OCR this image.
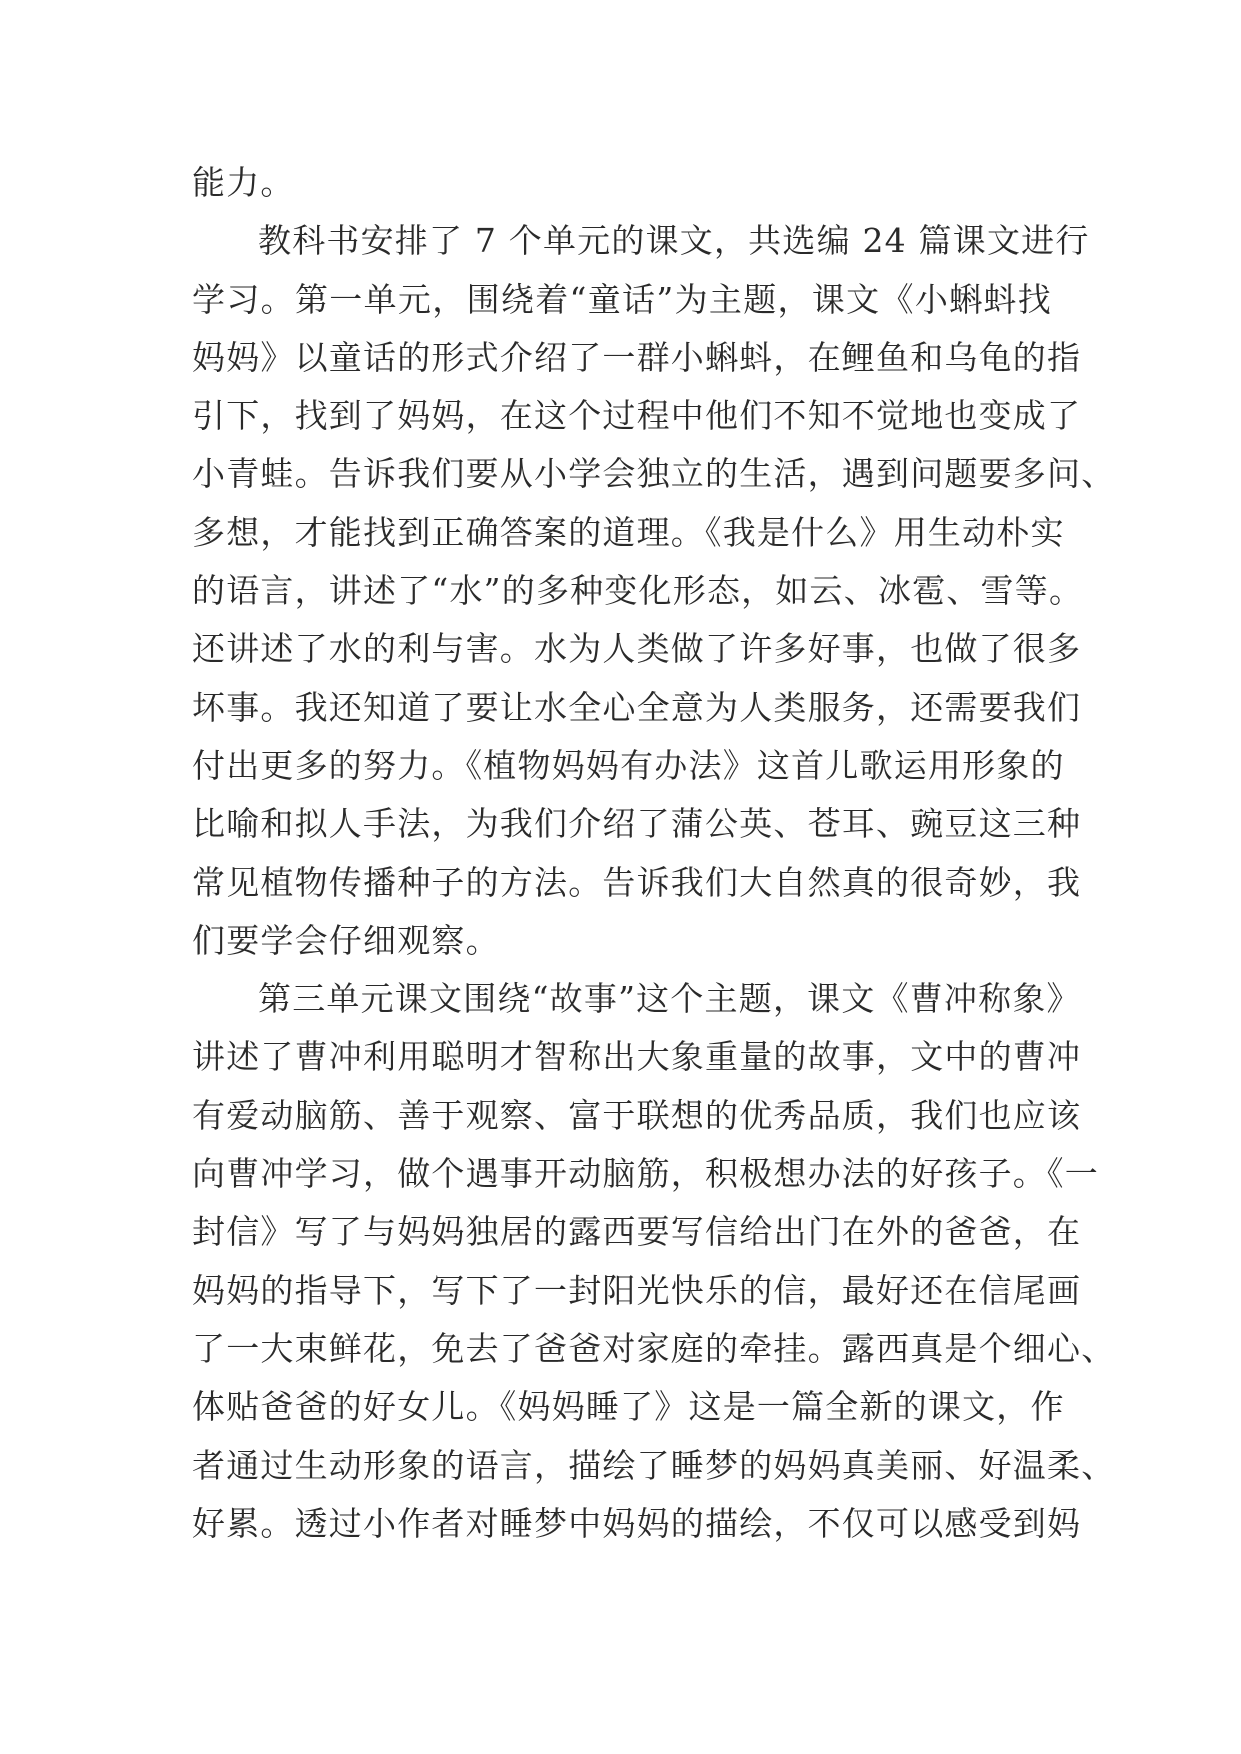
能力。
教科书安排了 7 个单元的课文，共选编 24 篇课文进行
学习。第一单元，围绕着“童话”为主题，课文《小蝌蚪找
妈妈》以童话的形式介绍了一群小蝌蚪，在鲤鱼和乌龟的指
引下，找到了妈妈，在这个过程中他们不知不觉地也变成了
小青蛙。告诉我们要从小学会独立的生活，遇到问题要多问、
多想，才能找到正确答案的道理。《我是什么》用生动朴实
的语言，讲述了“水”的多种变化形态，如云、冰雹、雪等。
还讲述了水的利与害。水为人类做了许多好事，也做了很多
坏事。我还知道了要让水全心全意为人类服务，还需要我们
付出更多的努力。《植物妈妈有办法》这首儿歌运用形象的
比喻和拟人手法，为我们介绍了蒲公英、苍耳、豌豆这三种
常见植物传播种子的方法。告诉我们大自然真的很奇妙，我
们要学会仔细观察。
第三单元课文围绕“故事”这个主题，课文《曹冲称象》
讲述了曹冲利用聪明才智称出大象重量的故事，文中的曹冲
有爱动脑筋、善于观察、富于联想的优秀品质，我们也应该
向曹冲学习，做个遇事开动脑筋，积极想办法的好孩子。《一
封信》写了与妈妈独居的露西要写信给出门在外的爸爸，在
妈妈的指导下，写下了一封阳光快乐的信，最好还在信尾画
了一大束鲜花，免去了爸爸对家庭的牵挂。露西真是个细心、
体贴爸爸的好女儿。《妈妈睡了》这是一篇全新的课文，作
者通过生动形象的语言，描绘了睡梦的妈妈真美丽、好温柔、
好累。透过小作者对睡梦中妈妈的描绘，不仅可以感受到妈
